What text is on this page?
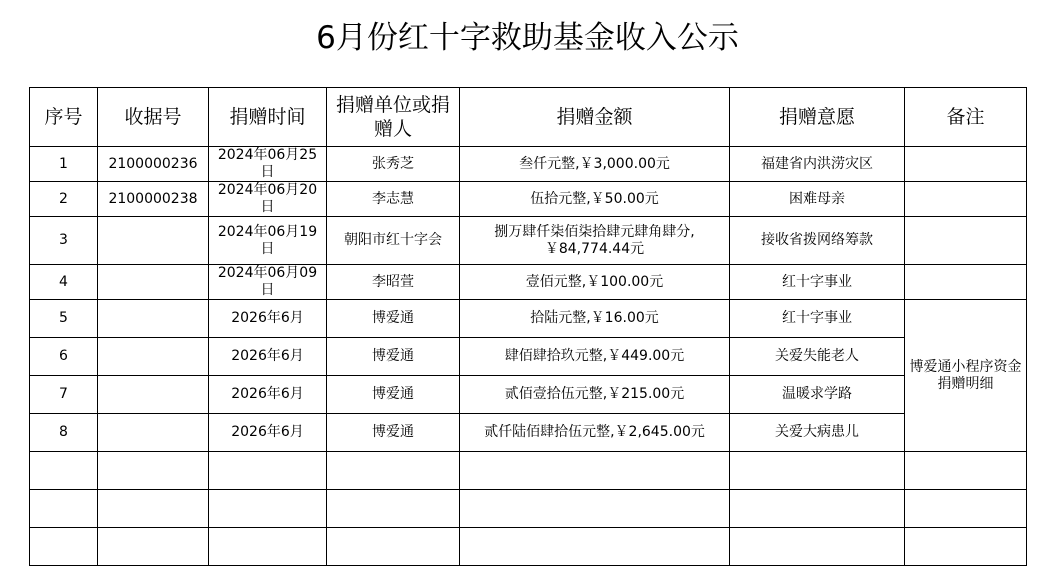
6月份红十字救助基金收入公示
序号	收据号	捐赠时间	捐赠单位或捐赠人	捐赠金额	捐赠意愿	备注
1	2100000236	2024年06月25日	张秀芝	叁仟元整,￥3,000.00元	福建省内洪涝灾区	
2	2100000238	2024年06月20日	李志慧	伍拾元整,￥50.00元	困难母亲	
3		2024年06月19日	朝阳市红十字会	捌万肆仟柒佰柒拾肆元肆角肆分,￥84,774.44元	接收省拨网络筹款	
4		2024年06月09日	李昭萱	壹佰元整,￥100.00元	红十字事业	
5		2026年6月	博爱通	拾陆元整,￥16.00元	红十字事业	博爱通小程序资金捐赠明细
6		2026年6月	博爱通	肆佰肆拾玖元整,￥449.00元	关爱失能老人	
7		2026年6月	博爱通	贰佰壹拾伍元整,￥215.00元	温暖求学路	
8		2026年6月	博爱通	贰仟陆佰肆拾伍元整,￥2,645.00元	关爱大病患儿	
